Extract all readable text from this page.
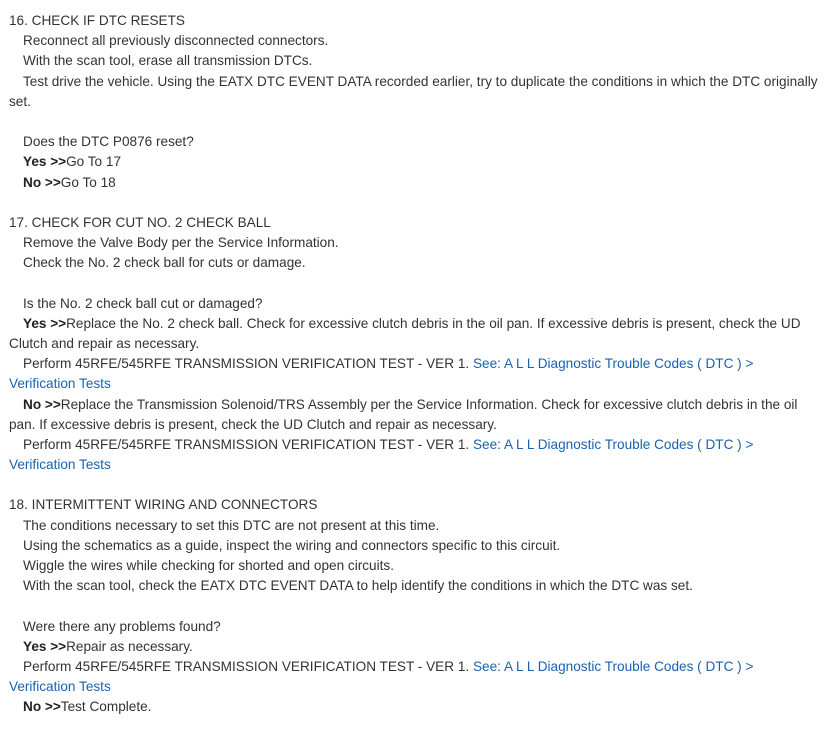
16. CHECK IF DTC RESETS
Reconnect all previously disconnected connectors.
With the scan tool, erase all transmission DTCs.
Test drive the vehicle. Using the EATX DTC EVENT DATA recorded earlier, try to duplicate the conditions in which the DTC originally set.
Does the DTC P0876 reset?
Yes >>Go To 17
No >>Go To 18
17. CHECK FOR CUT NO. 2 CHECK BALL
Remove the Valve Body per the Service Information.
Check the No. 2 check ball for cuts or damage.
Is the No. 2 check ball cut or damaged?
Yes >>Replace the No. 2 check ball. Check for excessive clutch debris in the oil pan. If excessive debris is present, check the UD Clutch and repair as necessary.
Perform 45RFE/545RFE TRANSMISSION VERIFICATION TEST - VER 1. See: A L L Diagnostic Trouble Codes ( DTC ) > Verification Tests
No >>Replace the Transmission Solenoid/TRS Assembly per the Service Information. Check for excessive clutch debris in the oil pan. If excessive debris is present, check the UD Clutch and repair as necessary.
Perform 45RFE/545RFE TRANSMISSION VERIFICATION TEST - VER 1. See: A L L Diagnostic Trouble Codes ( DTC ) > Verification Tests
18. INTERMITTENT WIRING AND CONNECTORS
The conditions necessary to set this DTC are not present at this time.
Using the schematics as a guide, inspect the wiring and connectors specific to this circuit.
Wiggle the wires while checking for shorted and open circuits.
With the scan tool, check the EATX DTC EVENT DATA to help identify the conditions in which the DTC was set.
Were there any problems found?
Yes >>Repair as necessary.
Perform 45RFE/545RFE TRANSMISSION VERIFICATION TEST - VER 1. See: A L L Diagnostic Trouble Codes ( DTC ) > Verification Tests
No >>Test Complete.
